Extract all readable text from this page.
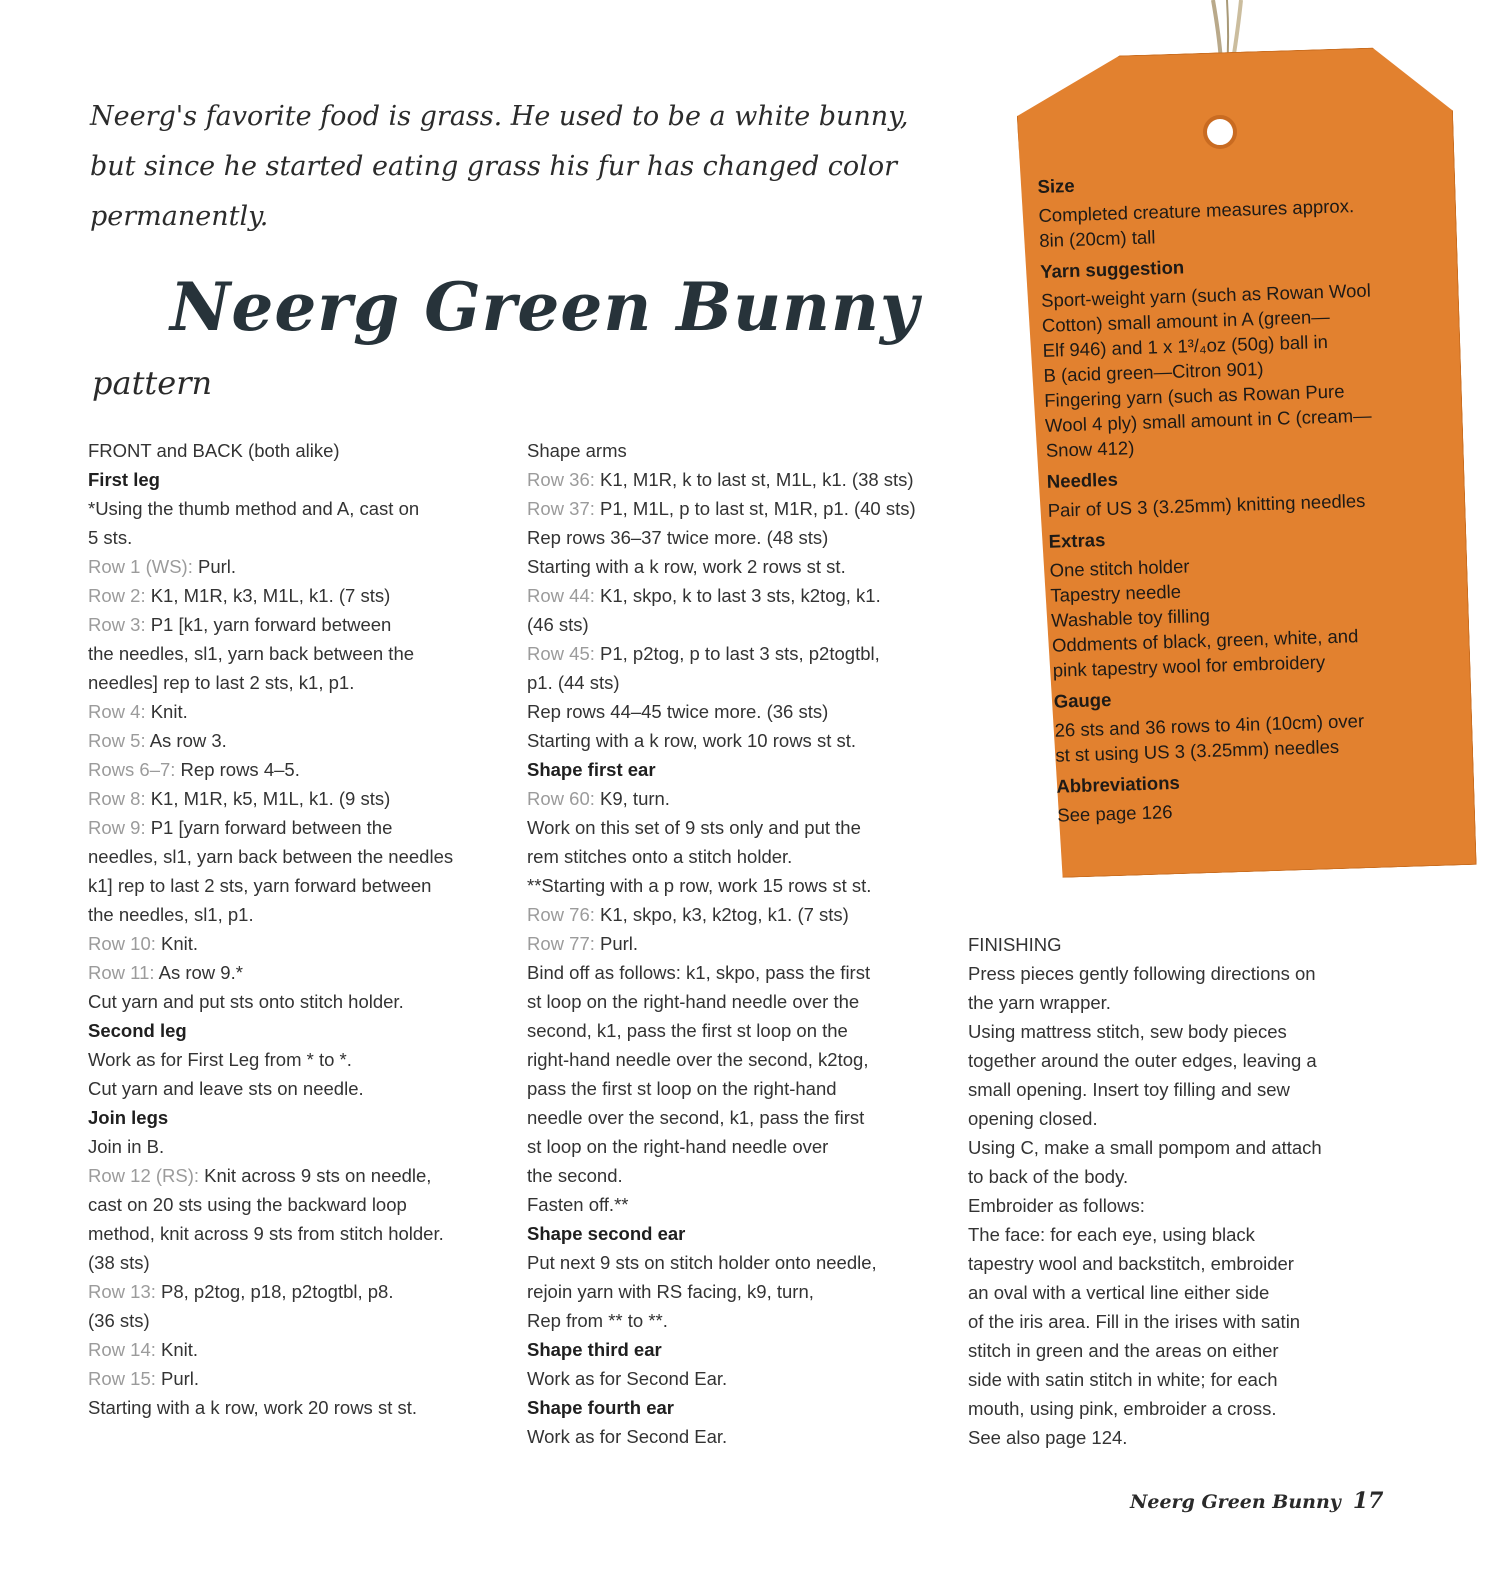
Neerg's favorite food is grass. He used to be a white bunny, but since he started eating grass his fur has changed color permanently.

Neerg Green Bunny
pattern
FRONT and BACK (both alike)
First leg
*Using the thumb method and A, cast on
5 sts.
Row 1 (WS): Purl.
Row 2: K1, M1R, k3, M1L, k1. (7 sts)
Row 3: P1 [k1, yarn forward between
the needles, sl1, yarn back between the
needles] rep to last 2 sts, k1, p1.
Row 4: Knit.
Row 5: As row 3.
Rows 6–7: Rep rows 4–5.
Row 8: K1, M1R, k5, M1L, k1. (9 sts)
Row 9: P1 [yarn forward between the
needles, sl1, yarn back between the needles
k1] rep to last 2 sts, yarn forward between
the needles, sl1, p1.
Row 10: Knit.
Row 11: As row 9.*
Cut yarn and put sts onto stitch holder.
Second leg
Work as for First Leg from * to *.
Cut yarn and leave sts on needle.
Join legs
Join in B.
Row 12 (RS): Knit across 9 sts on needle,
cast on 20 sts using the backward loop
method, knit across 9 sts from stitch holder.
(38 sts)
Row 13: P8, p2tog, p18, p2togtbl, p8.
(36 sts)
Row 14: Knit.
Row 15: Purl.
Starting with a k row, work 20 rows st st.
Shape arms
Row 36: K1, M1R, k to last st, M1L, k1. (38 sts)
Row 37: P1, M1L, p to last st, M1R, p1. (40 sts)
Rep rows 36–37 twice more. (48 sts)
Starting with a k row, work 2 rows st st.
Row 44: K1, skpo, k to last 3 sts, k2tog, k1.
(46 sts)
Row 45: P1, p2tog, p to last 3 sts, p2togtbl,
p1. (44 sts)
Rep rows 44–45 twice more. (36 sts)
Starting with a k row, work 10 rows st st.
Shape first ear
Row 60: K9, turn.
Work on this set of 9 sts only and put the
rem stitches onto a stitch holder.
**Starting with a p row, work 15 rows st st.
Row 76: K1, skpo, k3, k2tog, k1. (7 sts)
Row 77: Purl.
Bind off as follows: k1, skpo, pass the first
st loop on the right-hand needle over the
second, k1, pass the first st loop on the
right-hand needle over the second, k2tog,
pass the first st loop on the right-hand
needle over the second, k1, pass the first
st loop on the right-hand needle over
the second.
Fasten off.**
Shape second ear
Put next 9 sts on stitch holder onto needle,
rejoin yarn with RS facing, k9, turn,
Rep from ** to **.
Shape third ear
Work as for Second Ear.
Shape fourth ear
Work as for Second Ear.
FINISHING
Press pieces gently following directions on
the yarn wrapper.
Using mattress stitch, sew body pieces
together around the outer edges, leaving a
small opening. Insert toy filling and sew
opening closed.
Using C, make a small pompom and attach
to back of the body.
Embroider as follows:
The face: for each eye, using black
tapestry wool and backstitch, embroider
an oval with a vertical line either side
of the iris area. Fill in the irises with satin
stitch in green and the areas on either
side with satin stitch in white; for each
mouth, using pink, embroider a cross.
See also page 124.
Size
Completed creature measures approx.
8in (20cm) tall
Yarn suggestion
Sport-weight yarn (such as Rowan Wool
Cotton) small amount in A (green—
Elf 946) and 1 x 1³/₄oz (50g) ball in
B (acid green—Citron 901)
Fingering yarn (such as Rowan Pure
Wool 4 ply) small amount in C (cream—
Snow 412)
Needles
Pair of US 3 (3.25mm) knitting needles
Extras
One stitch holder
Tapestry needle
Washable toy filling
Oddments of black, green, white, and
pink tapestry wool for embroidery
Gauge
26 sts and 36 rows to 4in (10cm) over
st st using US 3 (3.25mm) needles
Abbreviations
See page 126
Neerg Green Bunny 17
